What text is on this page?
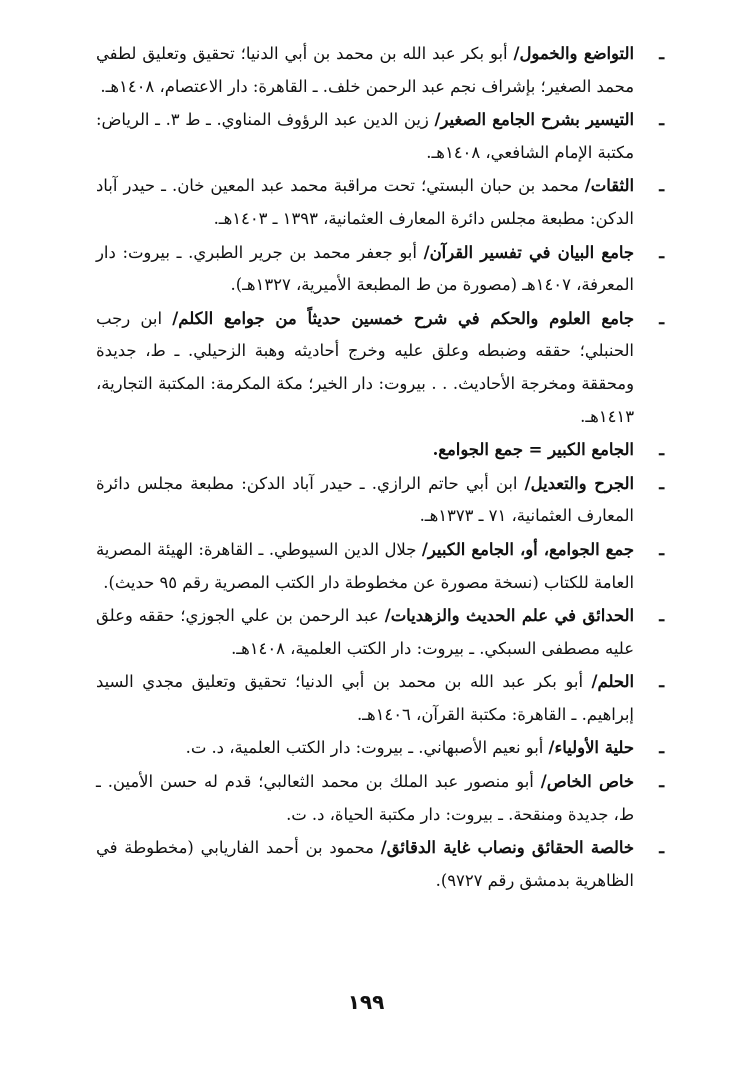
ـ
التواضع والخمول/ أبو بكر عبد الله بن محمد بن أبي الدنيا؛ تحقيق وتعليق لطفي محمد الصغير؛ بإشراف نجم عبد الرحمن خلف. ـ القاهرة: دار الاعتصام، ١٤٠٨هـ.
ـ
التيسير بشرح الجامع الصغير/ زين الدين عبد الرؤوف المناوي. ـ ط ٣. ـ الرياض: مكتبة الإمام الشافعي، ١٤٠٨هـ.
ـ
الثقات/ محمد بن حبان البستي؛ تحت مراقبة محمد عبد المعين خان. ـ حيدر آباد الدكن: مطبعة مجلس دائرة المعارف العثمانية، ١٣٩٣ ـ ١٤٠٣هـ.
ـ
جامع البيان في تفسير القرآن/ أبو جعفر محمد بن جرير الطبري. ـ بيروت: دار المعرفة، ١٤٠٧هـ (مصورة من ط المطبعة الأميرية، ١٣٢٧هـ).
ـ
جامع العلوم والحكم في شرح خمسين حديثاً من جوامع الكلم/ ابن رجب الحنبلي؛ حققه وضبطه وعلق عليه وخرج أحاديثه وهبة الزحيلي. ـ ط، جديدة ومحققة ومخرجة الأحاديث. . . بيروت: دار الخير؛ مكة المكرمة: المكتبة التجارية، ١٤١٣هـ.
ـ
الجامع الكبير = جمع الجوامع.
ـ
الجرح والتعديل/ ابن أبي حاتم الرازي. ـ حيدر آباد الدكن: مطبعة مجلس دائرة المعارف العثمانية، ٧١ ـ ١٣٧٣هـ.
ـ
جمع الجوامع، أو، الجامع الكبير/ جلال الدين السيوطي. ـ القاهرة: الهيئة المصرية العامة للكتاب (نسخة مصورة عن مخطوطة دار الكتب المصرية رقم ٩٥ حديث).
ـ
الحدائق في علم الحديث والزهديات/ عبد الرحمن بن علي الجوزي؛ حققه وعلق عليه مصطفى السبكي. ـ بيروت: دار الكتب العلمية، ١٤٠٨هـ.
ـ
الحلم/ أبو بكر عبد الله بن محمد بن أبي الدنيا؛ تحقيق وتعليق مجدي السيد إبراهيم. ـ القاهرة: مكتبة القرآن، ١٤٠٦هـ.
ـ
حلية الأولياء/ أبو نعيم الأصبهاني. ـ بيروت: دار الكتب العلمية، د. ت.
ـ
خاص الخاص/ أبو منصور عبد الملك بن محمد الثعالبي؛ قدم له حسن الأمين. ـ ط، جديدة ومنقحة. ـ بيروت: دار مكتبة الحياة، د. ت.
ـ
خالصة الحقائق ونصاب غاية الدقائق/ محمود بن أحمد الفاريابي (مخطوطة في الظاهرية بدمشق رقم ٩٧٢٧).
١٩٩
